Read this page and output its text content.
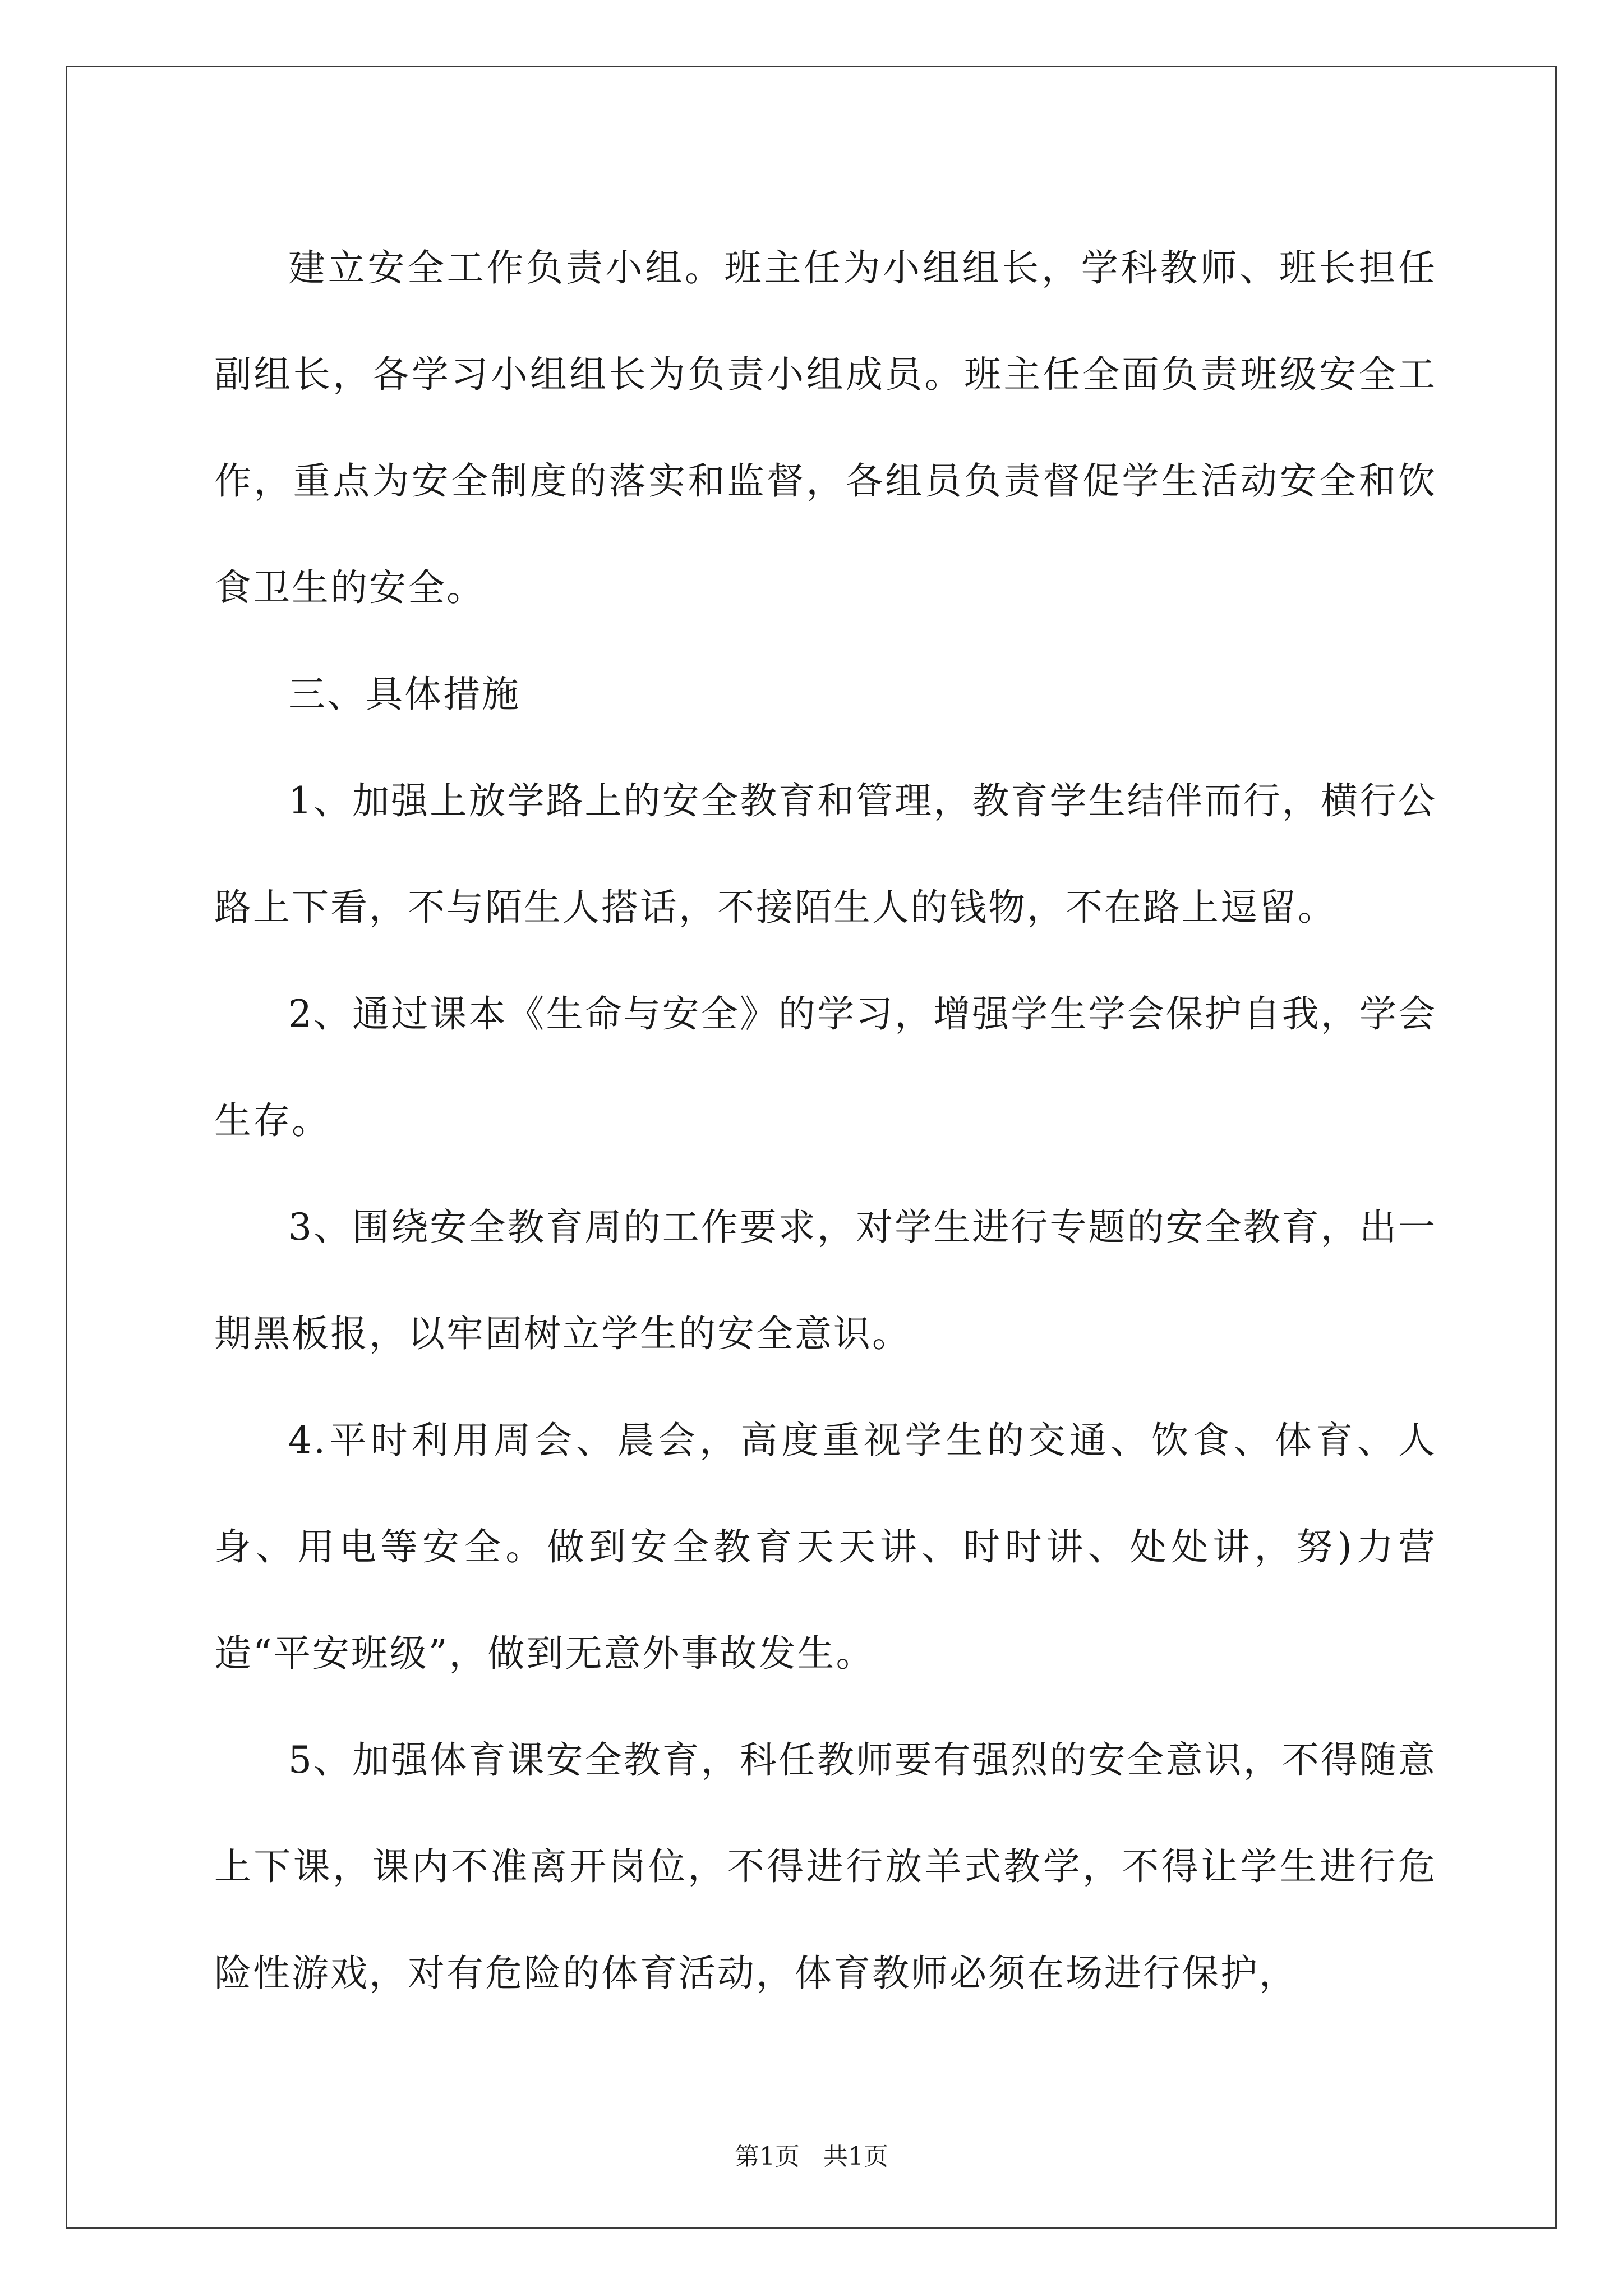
建立安全工作负责小组。班主任为小组组长，学科教师、班长担任副组长，各学习小组组长为负责小组成员。班主任全面负责班级安全工作，重点为安全制度的落实和监督，各组员负责督促学生活动安全和饮食卫生的安全。

三、具体措施

1、加强上放学路上的安全教育和管理，教育学生结伴而行，横行公路上下看，不与陌生人搭话，不接陌生人的钱物，不在路上逗留。

2、通过课本《生命与安全》的学习，增强学生学会保护自我，学会生存。

3、围绕安全教育周的工作要求，对学生进行专题的安全教育，出一期黑板报，以牢固树立学生的安全意识。

4.平时利用周会、晨会，高度重视学生的交通、饮食、体育、人身、用电等安全。做到安全教育天天讲、时时讲、处处讲，努)力营造“平安班级”，做到无意外事故发生。

5、加强体育课安全教育，科任教师要有强烈的安全意识，不得随意上下课，课内不准离开岗位，不得进行放羊式教学，不得让学生进行危险性游戏，对有危险的体育活动，体育教师必须在场进行保护，

第1页 共1页
